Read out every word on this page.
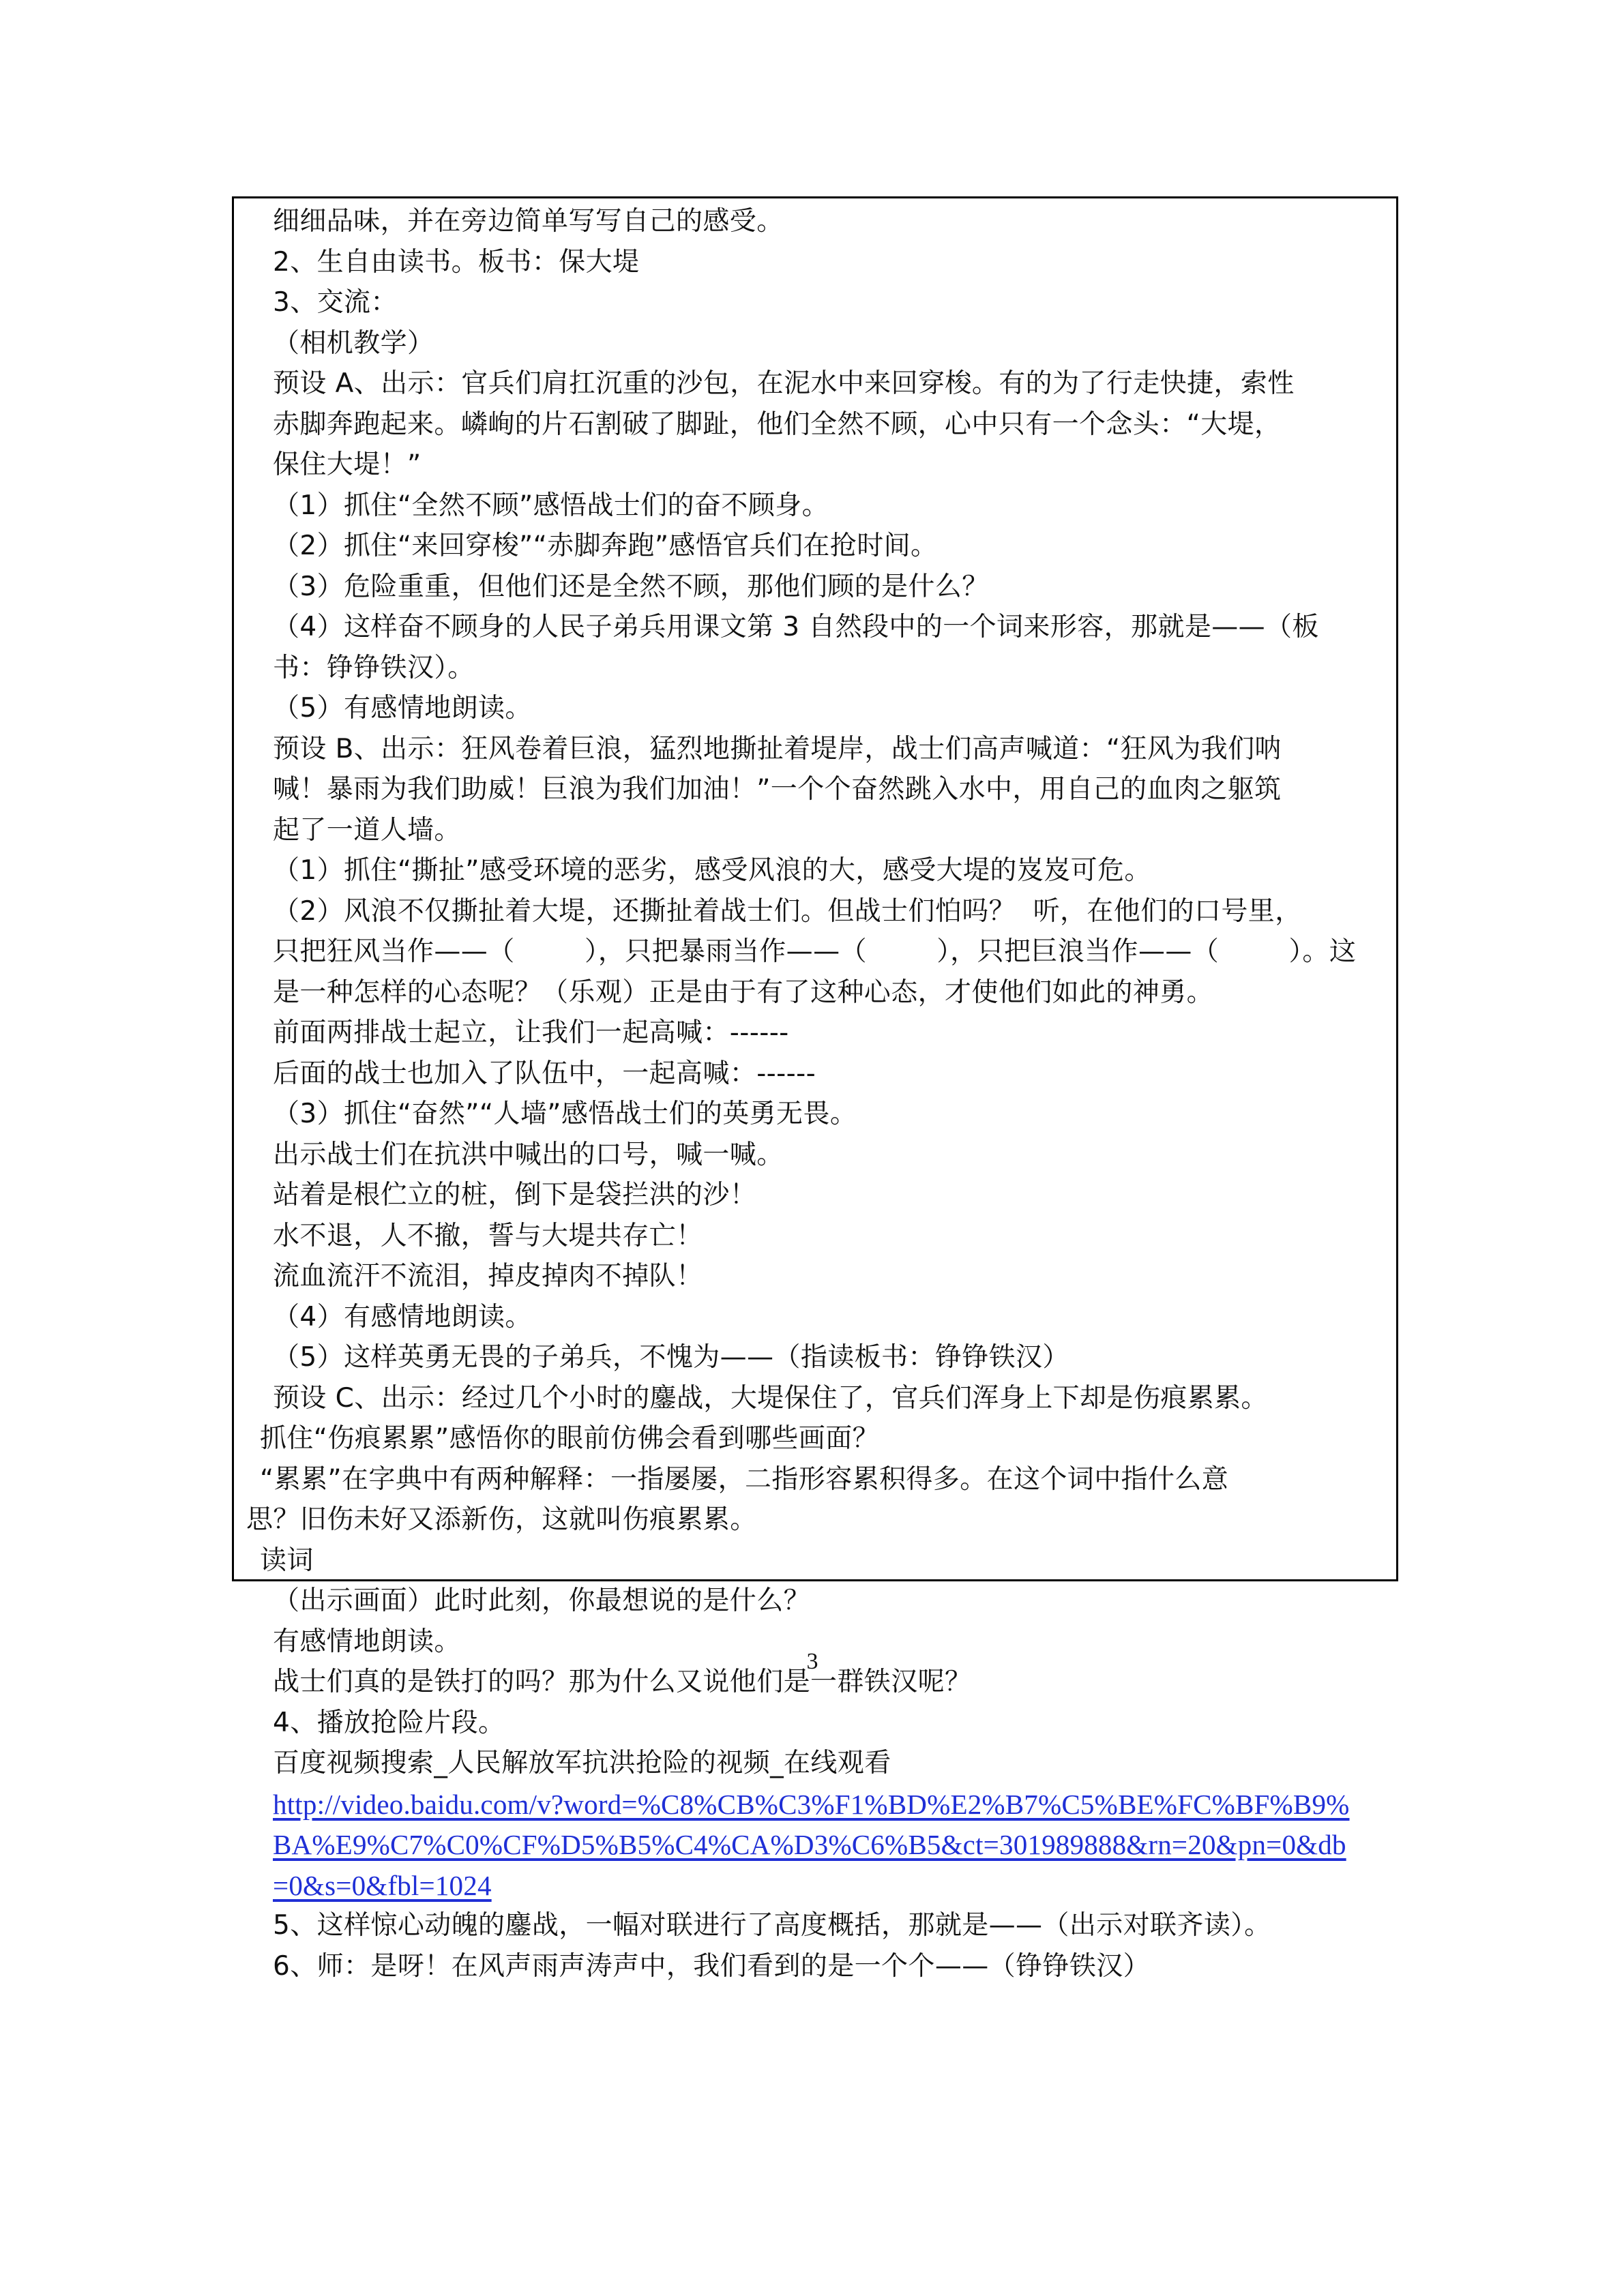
细细品味，并在旁边简单写写自己的感受。
2、生自由读书。板书：保大堤
3、交流：
（相机教学）
预设 A、出示：官兵们肩扛沉重的沙包，在泥水中来回穿梭。有的为了行走快捷，索性
赤脚奔跑起来。嶙峋的片石割破了脚趾，他们全然不顾，心中只有一个念头：“大堤，
保住大堤！”
（1）抓住“全然不顾”感悟战士们的奋不顾身。
（2）抓住“来回穿梭”“赤脚奔跑”感悟官兵们在抢时间。
（3）危险重重，但他们还是全然不顾，那他们顾的是什么？
（4）这样奋不顾身的人民子弟兵用课文第 3 自然段中的一个词来形容，那就是——（板
书：铮铮铁汉）。
（5）有感情地朗读。
预设 B、出示：狂风卷着巨浪，猛烈地撕扯着堤岸，战士们高声喊道：“狂风为我们呐
喊！暴雨为我们助威！巨浪为我们加油！”一个个奋然跳入水中，用自己的血肉之躯筑
起了一道人墙。
（1）抓住“撕扯”感受环境的恶劣，感受风浪的大，感受大堤的岌岌可危。
（2）风浪不仅撕扯着大堤，还撕扯着战士们。但战士们怕吗？  听，在他们的口号里，
只把狂风当作——（        ），只把暴雨当作——（        ），只把巨浪当作——（        ）。这
是一种怎样的心态呢？（乐观）正是由于有了这种心态，才使他们如此的神勇。
前面两排战士起立，让我们一起高喊：------
后面的战士也加入了队伍中，一起高喊：------
（3）抓住“奋然”“人墙”感悟战士们的英勇无畏。
出示战士们在抗洪中喊出的口号，喊一喊。
站着是根伫立的桩，倒下是袋拦洪的沙！
水不退，人不撤，誓与大堤共存亡！
流血流汗不流泪，掉皮掉肉不掉队！
（4）有感情地朗读。
（5）这样英勇无畏的子弟兵，不愧为——（指读板书：铮铮铁汉）
预设 C、出示：经过几个小时的鏖战，大堤保住了，官兵们浑身上下却是伤痕累累。
抓住“伤痕累累”感悟你的眼前仿佛会看到哪些画面？
“累累”在字典中有两种解释：一指屡屡，二指形容累积得多。在这个词中指什么意
思？旧伤未好又添新伤，这就叫伤痕累累。
读词
（出示画面）此时此刻，你最想说的是什么？
有感情地朗读。
战士们真的是铁打的吗？那为什么又说他们是一群铁汉呢？
4、播放抢险片段。
百度视频搜索_人民解放军抗洪抢险的视频_在线观看
http://video.baidu.com/v?word=%C8%CB%C3%F1%BD%E2%B7%C5%BE%FC%BF%B9%
BA%E9%C7%C0%CF%D5%B5%C4%CA%D3%C6%B5&ct=301989888&rn=20&pn=0&db
=0&s=0&fbl=1024
5、这样惊心动魄的鏖战，一幅对联进行了高度概括，那就是——（出示对联齐读）。
6、师：是呀！在风声雨声涛声中，我们看到的是一个个——（铮铮铁汉）
3
